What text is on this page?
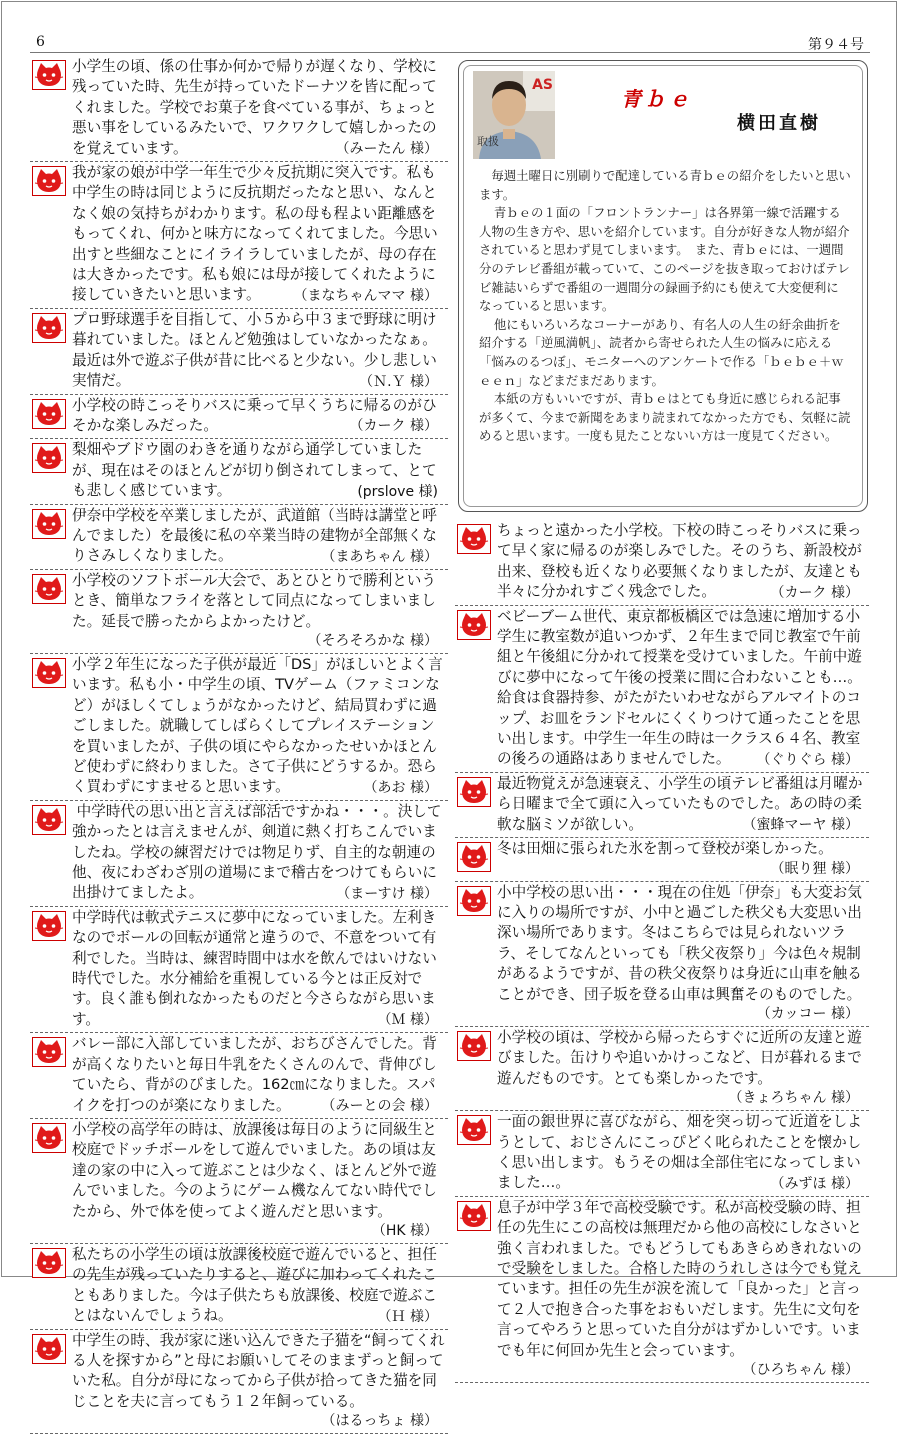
6	第９４号

小学生の頃、係の仕事か何かで帰りが遅くなり、学校に残っていた時、先生が持っていたドーナツを皆に配ってくれました。学校でお菓子を食べている事が、ちょっと悪い事をしているみたいで、ワクワクして嬉しかったのを覚えています。	（みーたん 様）

我が家の娘が中学一年生で少々反抗期に突入です。私も中学生の時は同じように反抗期だったなと思い、なんとなく娘の気持ちがわかります。私の母も程よい距離感をもってくれ、何かと味方になってくれてました。今思い出すと些細なことにイライラしていましたが、母の存在は大きかったです。私も娘には母が接してくれたように接していきたいと思います。	（まなちゃんママ 様）

プロ野球選手を目指して、小５から中３まで野球に明け暮れていました。ほとんど勉強はしていなかったなぁ。最近は外で遊ぶ子供が昔に比べると少ない。少し悲しい実情だ。	（Ｎ.Ｙ 様）

小学校の時こっそりバスに乗って早くうちに帰るのがひそかな楽しみだった。	（カーク 様）

梨畑やブドウ園のわきを通りながら通学していましたが、現在はそのほとんどが切り倒されてしまって、とても悲しく感じています。	(prslove 様)

伊奈中学校を卒業しましたが、武道館（当時は講堂と呼んでました）を最後に私の卒業当時の建物が全部無くなりさみしくなりました。	（まあちゃん 様）

小学校のソフトボール大会で、あとひとりで勝利というとき、簡単なフライを落として同点になってしまいました。延長で勝ったからよかったけど。

（そろそろかな 様）

小学２年生になった子供が最近「DS」がほしいとよく言います。私も小・中学生の頃、TVゲーム（ファミコンなど）がほしくてしょうがなかったけど、結局買わずに過ごしました。就職してしばらくしてプレイステーションを買いましたが、子供の頃にやらなかったせいかほとんど使わずに終わりました。さて子供にどうするか。恐らく買わずにすませると思います。	（あお 様）

中学時代の思い出と言えば部活ですかね・・・。決して強かったとは言えませんが、剣道に熱く打ちこんでいましたね。学校の練習だけでは物足りず、自主的な朝連の他、夜にわざわざ別の道場にまで稽古をつけてもらいに出掛けてましたよ。	（まーすけ 様）

中学時代は軟式テニスに夢中になっていました。左利きなのでボールの回転が通常と違うので、不意をついて有利でした。当時は、練習時間中は水を飲んではいけない時代でした。水分補給を重視している今とは正反対です。良く誰も倒れなかったものだと今さらながら思います。	（Ｍ 様）

バレー部に入部していましたが、おちびさんでした。背が高くなりたいと毎日牛乳をたくさんのんで、背伸びしていたら、背がのびました。162㎝になりました。スパイクを打つのが楽になりました。	（みーとの会 様）

小学校の高学年の時は、放課後は毎日のように同級生と校庭でドッチボールをして遊んでいました。あの頃は友達の家の中に入って遊ぶことは少なく、ほとんど外で遊んでいました。今のようにゲーム機なんてない時代でしたから、外で体を使ってよく遊んだと思います。

（HK 様）

私たちの小学生の頃は放課後校庭で遊んでいると、担任の先生が残っていたりすると、遊びに加わってくれたこともありました。今は子供たちも放課後、校庭で遊ぶことはないんでしょうね。	（Ｈ 様）

中学生の時、我が家に迷い込んできた子猫を“飼ってくれる人を探すから”と母にお願いしてそのままずっと飼っていた私。自分が母になってから子供が拾ってきた猫を同じことを夫に言ってもう１２年飼っている。

（はるっちょ 様）
AS
取扱
青ｂｅ
横田直樹

毎週土曜日に別刷りで配達している青ｂｅの紹介をしたいと思います。

青ｂｅの１面の「フロントランナー」は各界第一線で活躍する人物の生き方や、思いを紹介しています。自分が好きな人物が紹介されていると思わず見てしまいます。　また、青ｂｅには、一週間分のテレビ番組が載っていて、このページを抜き取っておけばテレビ雑誌いらずで番組の一週間分の録画予約にも使えて大変便利になっていると思います。

他にもいろいろなコーナーがあり、有名人の人生の紆余曲折を紹介する「逆風満帆」、読者から寄せられた人生の悩みに応える「悩みのるつぼ」、モニターへのアンケートで作る「ｂｅｂｅ＋ｗｅｅｎ」などまだまだあります。

本紙の方もいいですが、青ｂｅはとても身近に感じられる記事が多くて、今まで新聞をあまり読まれてなかった方でも、気軽に読めると思います。一度も見たことないい方は一度見てください。

ちょっと遠かった小学校。下校の時こっそりバスに乗って早く家に帰るのが楽しみでした。そのうち、新設校が出来、登校も近くなり必要無くなりましたが、友達とも半々に分かれすごく残念でした。	（カーク 様）

ベビーブーム世代、東京都板橋区では急速に増加する小学生に教室数が追いつかず、２年生まで同じ教室で午前組と午後組に分かれて授業を受けていました。午前中遊びに夢中になって午後の授業に間に合わないことも…。給食は食器持参、がたがたいわせながらアルマイトのコップ、お皿をランドセルにくくりつけて通ったことを思い出します。中学生一年生の時は一クラス６４名、教室の後ろの通路はありませんでした。	（ぐりぐら 様）

最近物覚えが急速衰え、小学生の頃テレビ番組は月曜から日曜まで全て頭に入っていたものでした。あの時の柔軟な脳ミソが欲しい。	（蜜蜂マーヤ 様）

冬は田畑に張られた氷を割って登校が楽しかった。

（眠り狸 様）

小中学校の思い出・・・現在の住処「伊奈」も大変お気に入りの場所ですが、小中と過ごした秩父も大変思い出深い場所であります。冬はこちらでは見られないツララ、そしてなんといっても「秩父夜祭り」今は色々規制があるようですが、昔の秩父夜祭りは身近に山車を触ることができ、団子坂を登る山車は興奮そのものでした。

（カッコー 様）

小学校の頃は、学校から帰ったらすぐに近所の友達と遊びました。缶けりや追いかけっこなど、日が暮れるまで遊んだものです。とても楽しかったです。

（きょろちゃん 様）

一面の銀世界に喜びながら、畑を突っ切って近道をしようとして、おじさんにこっぴどく叱られたことを懐かしく思い出します。もうその畑は全部住宅になってしまいました…。	（みずほ 様）

息子が中学３年で高校受験です。私が高校受験の時、担任の先生にこの高校は無理だから他の高校にしなさいと強く言われました。でもどうしてもあきらめきれないので受験をしました。合格した時のうれしさは今でも覚えています。担任の先生が涙を流して「良かった」と言って２人で抱き合った事をおもいだします。先生に文句を言ってやろうと思っていた自分がはずかしいです。いまでも年に何回か先生と会っています。

（ひろちゃん 様）
